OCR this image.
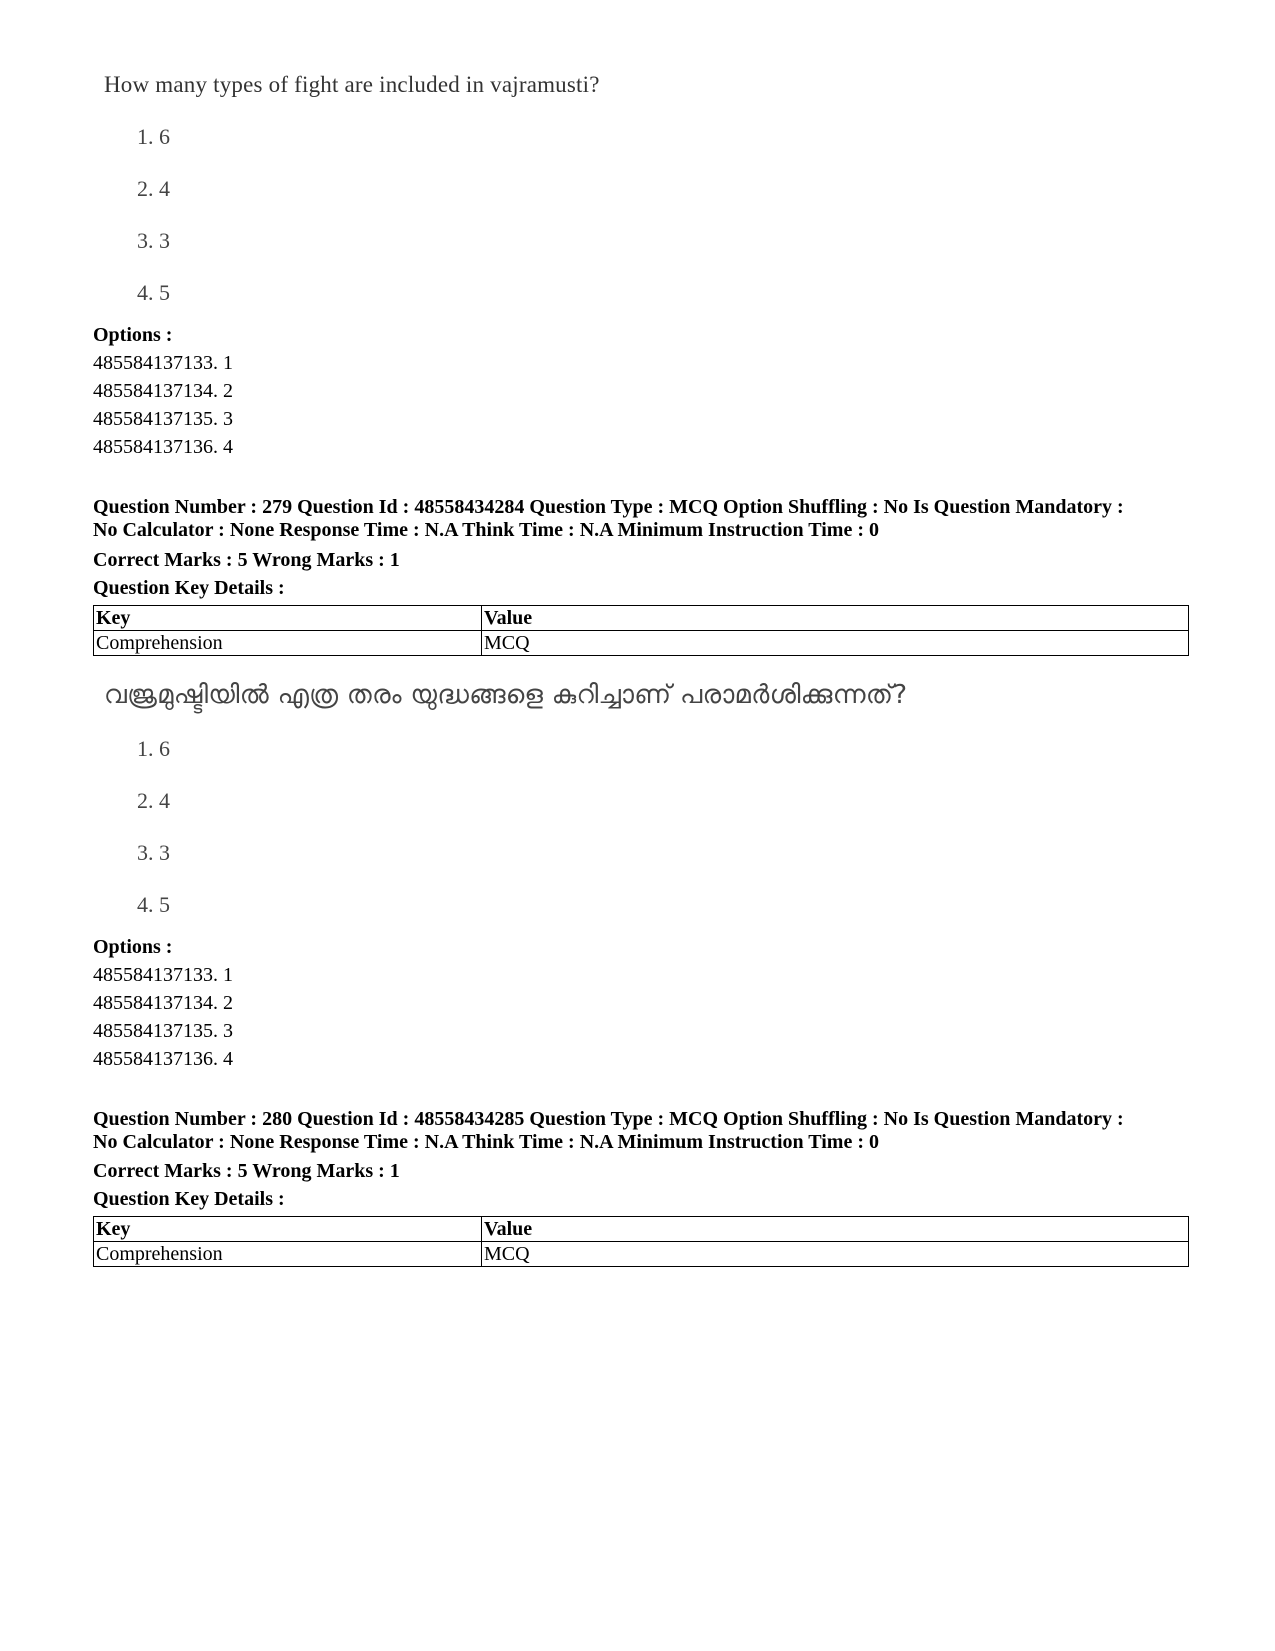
How many types of fight are included in vajramusti?
1. 6
2. 4
3. 3
4. 5
Options :
485584137133. 1
485584137134. 2
485584137135. 3
485584137136. 4
Question Number : 279 Question Id : 48558434284 Question Type : MCQ Option Shuffling : No Is Question Mandatory :
No Calculator : None Response Time : N.A Think Time : N.A Minimum Instruction Time : 0
Correct Marks : 5 Wrong Marks : 1
Question Key Details :
Key	Value
Comprehension	MCQ
വജ്രമുഷ്ടിയിൽ എത്ര തരം യുദ്ധങ്ങളെ കുറിച്ചാണ് പരാമർശിക്കുന്നത്?
1. 6
2. 4
3. 3
4. 5
Options :
485584137133. 1
485584137134. 2
485584137135. 3
485584137136. 4
Question Number : 280 Question Id : 48558434285 Question Type : MCQ Option Shuffling : No Is Question Mandatory :
No Calculator : None Response Time : N.A Think Time : N.A Minimum Instruction Time : 0
Correct Marks : 5 Wrong Marks : 1
Question Key Details :
Key	Value
Comprehension	MCQ
